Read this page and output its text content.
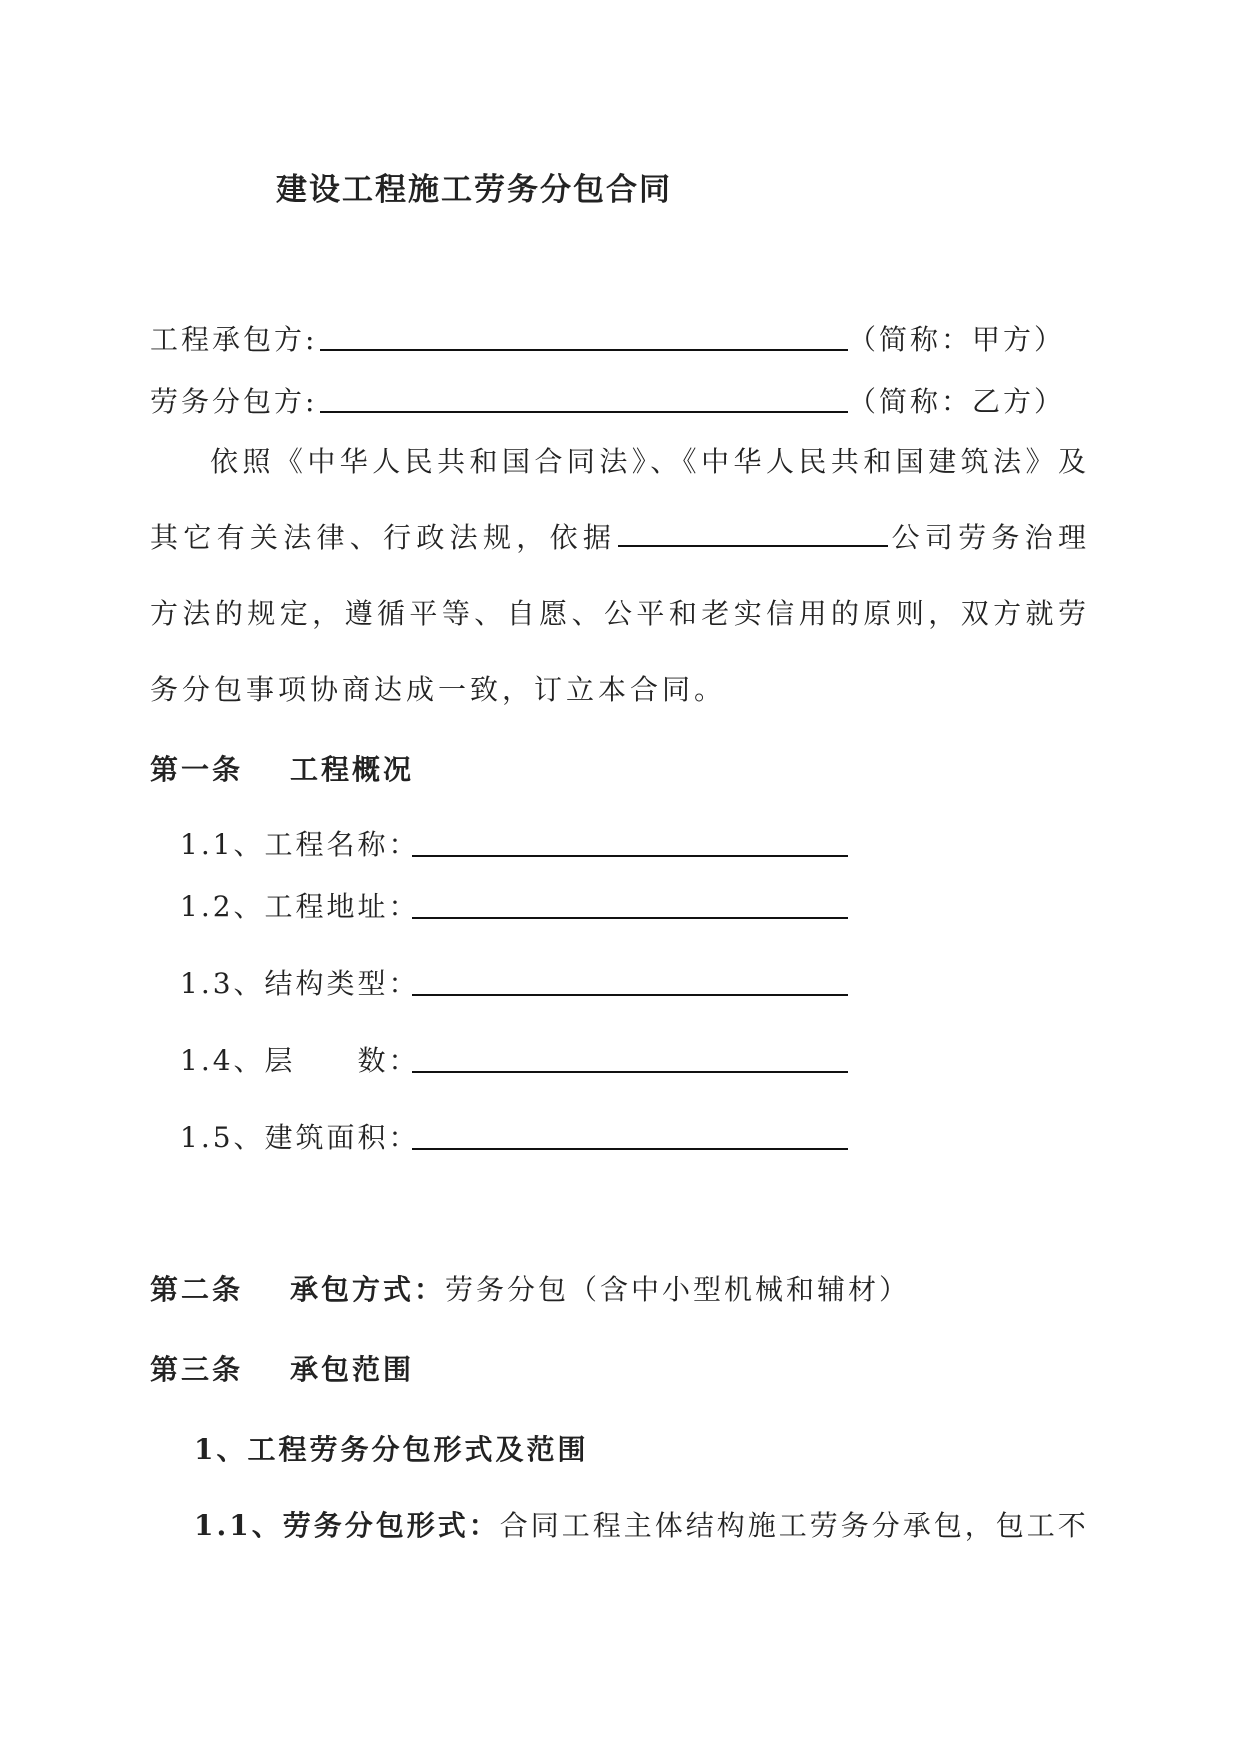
建设工程施工劳务分包合同
工程承包方:	（简称：甲方）
劳务分包方:	（简称：乙方）
依照《中华人民共和国合同法》、《中华人民共和国建筑法》及其它有关法律、行政法规，依据	公司劳务治理方法的规定，遵循平等、自愿、公平和老实信用的原则，双方就劳务分包事项协商达成一致，订立本合同。
第一条 工程概况
1.1、工程名称：
1.2、工程地址：
1.3、结构类型：
1.4、层　　数：
1.5、建筑面积：
第二条 承包方式：劳务分包（含中小型机械和辅材）
第三条 承包范围
1、工程劳务分包形式及范围
1.1、劳务分包形式：合同工程主体结构施工劳务分承包，包工不
